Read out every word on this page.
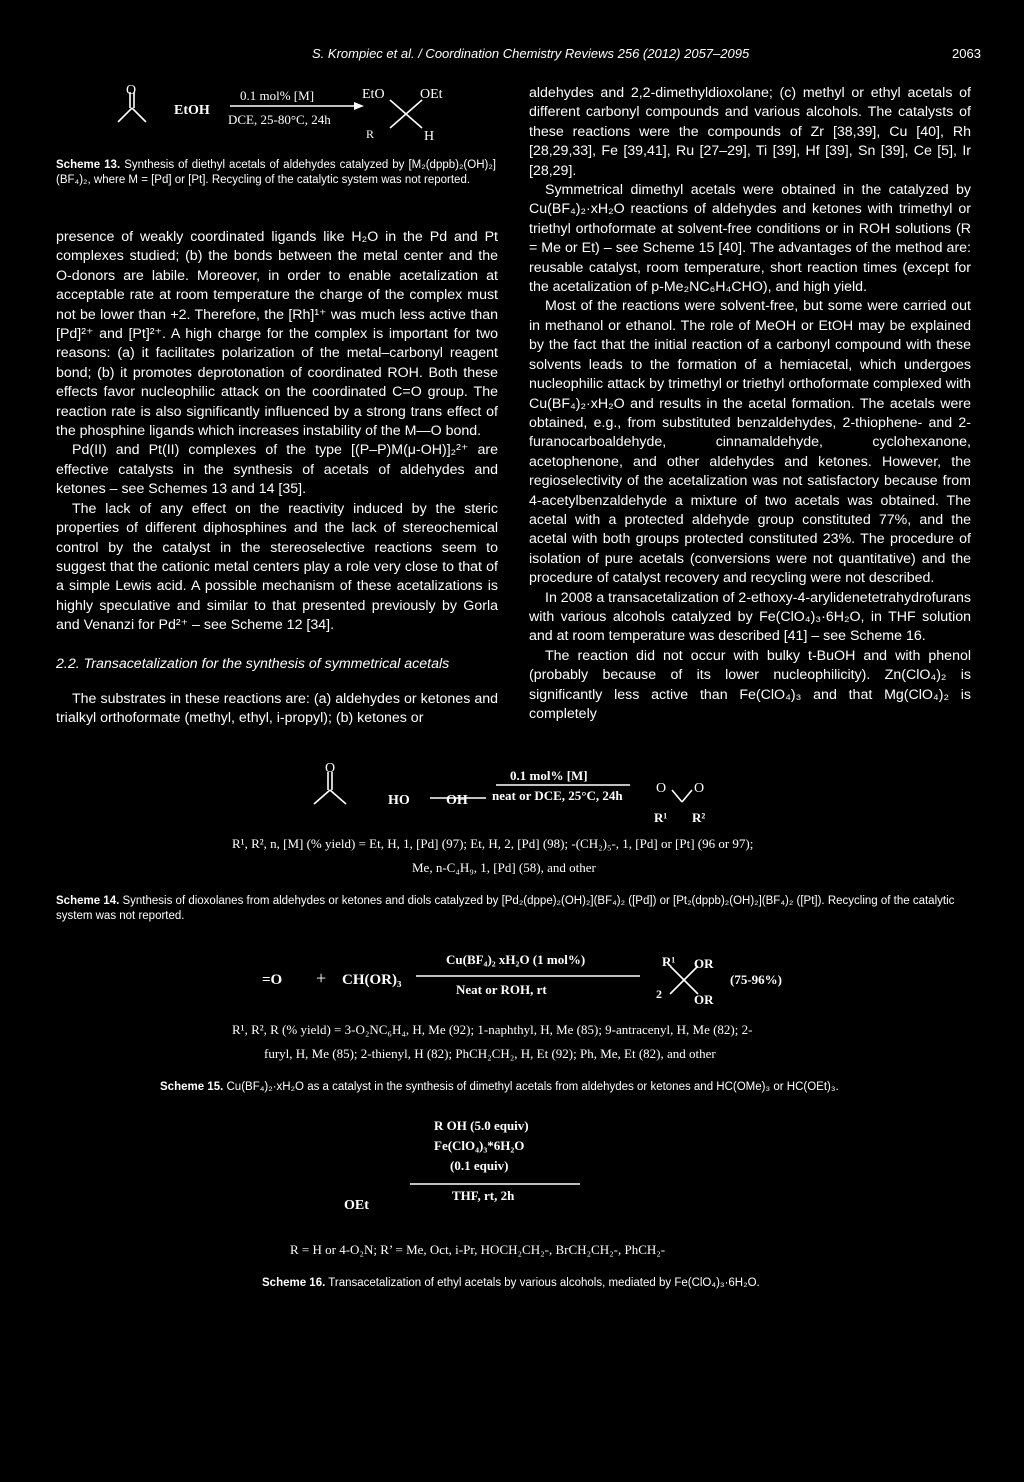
S. Krompiec et al. / Coordination Chemistry Reviews 256 (2012) 2057–2095	2063
O
EtOH
0.1 mol% [M]
DCE, 25-80°C, 24h
EtO	OEt
R	H
Scheme 13. Synthesis of diethyl acetals of aldehydes catalyzed by [M₂(dppb)₂(OH)₂](BF₄)₂, where M = [Pd] or [Pt]. Recycling of the catalytic system was not reported.

presence of weakly coordinated ligands like H₂O in the Pd and Pt complexes studied; (b) the bonds between the metal center and the O-donors are labile. Moreover, in order to enable acetalization at acceptable rate at room temperature the charge of the complex must not be lower than +2. Therefore, the [Rh]¹⁺ was much less active than [Pd]²⁺ and [Pt]²⁺. A high charge for the complex is important for two reasons: (a) it facilitates polarization of the metal–carbonyl reagent bond; (b) it promotes deprotonation of coordinated ROH. Both these effects favor nucleophilic attack on the coordinated C=O group. The reaction rate is also significantly influenced by a strong trans effect of the phosphine ligands which increases instability of the M—O bond.

Pd(II) and Pt(II) complexes of the type [(P–P)M(μ-OH)]₂²⁺ are effective catalysts in the synthesis of acetals of aldehydes and ketones – see Schemes 13 and 14 [35].

The lack of any effect on the reactivity induced by the steric properties of different diphosphines and the lack of stereochemical control by the catalyst in the stereoselective reactions seem to suggest that the cationic metal centers play a role very close to that of a simple Lewis acid. A possible mechanism of these acetalizations is highly speculative and similar to that presented previously by Gorla and Venanzi for Pd²⁺ – see Scheme 12 [34].

2.2. Transacetalization for the synthesis of symmetrical acetals

The substrates in these reactions are: (a) aldehydes or ketones and trialkyl orthoformate (methyl, ethyl, i-propyl); (b) ketones or

aldehydes and 2,2-dimethyldioxolane; (c) methyl or ethyl acetals of different carbonyl compounds and various alcohols. The catalysts of these reactions were the compounds of Zr [38,39], Cu [40], Rh [28,29,33], Fe [39,41], Ru [27–29], Ti [39], Hf [39], Sn [39], Ce [5], Ir [28,29].

Symmetrical dimethyl acetals were obtained in the catalyzed by Cu(BF₄)₂·xH₂O reactions of aldehydes and ketones with trimethyl or triethyl orthoformate at solvent-free conditions or in ROH solutions (R = Me or Et) – see Scheme 15 [40]. The advantages of the method are: reusable catalyst, room temperature, short reaction times (except for the acetalization of p-Me₂NC₆H₄CHO), and high yield.

Most of the reactions were solvent-free, but some were carried out in methanol or ethanol. The role of MeOH or EtOH may be explained by the fact that the initial reaction of a carbonyl compound with these solvents leads to the formation of a hemiacetal, which undergoes nucleophilic attack by trimethyl or triethyl orthoformate complexed with Cu(BF₄)₂·xH₂O and results in the acetal formation. The acetals were obtained, e.g., from substituted benzaldehydes, 2-thiophene- and 2-furanocarboaldehyde, cinnamaldehyde, cyclohexanone, acetophenone, and other aldehydes and ketones. However, the regioselectivity of the acetalization was not satisfactory because from 4-acetylbenzaldehyde a mixture of two acetals was obtained. The acetal with a protected aldehyde group constituted 77%, and the acetal with both groups protected constituted 23%. The procedure of isolation of pure acetals (conversions were not quantitative) and the procedure of catalyst recovery and recycling were not described.

In 2008 a transacetalization of 2-ethoxy-4-arylidenetetrahydrofurans with various alcohols catalyzed by Fe(ClO₄)₃·6H₂O, in THF solution and at room temperature was described [41] – see Scheme 16.

The reaction did not occur with bulky t-BuOH and with phenol (probably because of its lower nucleophilicity). Zn(ClO₄)₂ is significantly less active than Fe(ClO₄)₃ and that Mg(ClO₄)₂ is completely

O
HO	OH
0.1 mol% [M]
neat or DCE, 25°C, 24h O O
R¹ R²
R¹, R², n, [M] (% yield) = Et, H, 1, [Pd] (97); Et, H, 2, [Pd] (98); -(CH₂)₅-, 1, [Pd] or [Pt] (96 or 97);
Me, n-C₄H₉, 1, [Pd] (58), and other
Scheme 14. Synthesis of dioxolanes from aldehydes or ketones and diols catalyzed by [Pd₂(dppe)₂(OH)₂](BF₄)₂ ([Pd]) or [Pt₂(dppb)₂(OH)₂](BF₄)₂ ([Pt]). Recycling of the catalytic system was not reported.
=O + CH(OR)₃
Cu(BF₄)₂ xH₂O (1 mol%)
Neat or ROH, rt
R¹
2
OR
OR
(75-96%)
R¹, R², R (% yield) = 3-O₂NC₆H₄, H, Me (92); 1-naphthyl, H, Me (85); 9-antracenyl, H, Me (82); 2-
furyl, H, Me (85); 2-thienyl, H (82); PhCH₂CH₂, H, Et (92); Ph, Me, Et (82), and other
Scheme 15. Cu(BF₄)₂·xH₂O as a catalyst in the synthesis of dimethyl acetals from aldehydes or ketones and HC(OMe)₃ or HC(OEt)₃.
R OH (5.0 equiv)
Fe(ClO₄)₃*6H₂O
(0.1 equiv)
THF, rt, 2h
OEt
R = H or 4-O₂N; R’ = Me, Oct, i-Pr, HOCH₂CH₂-, BrCH₂CH₂-, PhCH₂-
Scheme 16. Transacetalization of ethyl acetals by various alcohols, mediated by Fe(ClO₄)₃·6H₂O.
